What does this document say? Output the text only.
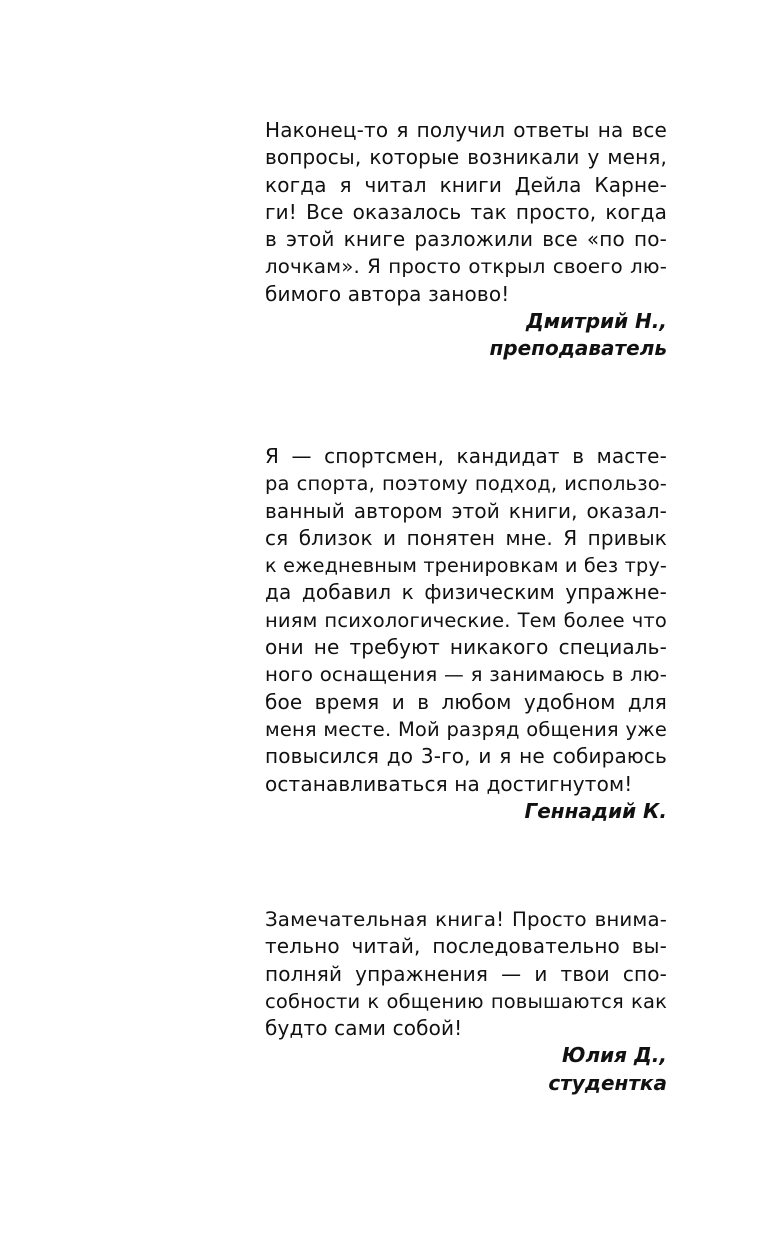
Наконец-то я получил ответы на все
вопросы, которые возникали у меня,
когда я читал книги Дейла Карне-
ги! Все оказалось так просто, когда
в этой книге разложили все «по по-
лочкам». Я просто открыл своего лю-
бимого автора заново!
Дмитрий Н.,
преподаватель
Я — спортсмен, кандидат в масте-
ра спорта, поэтому подход, использо-
ванный автором этой книги, оказал-
ся близок и понятен мне. Я привык
к ежедневным тренировкам и без тру-
да добавил к физическим упражне-
ниям психологические. Тем более что
они не требуют никакого специаль-
ного оснащения — я занимаюсь в лю-
бое время и в любом удобном для
меня месте. Мой разряд общения уже
повысился до 3-го, и я не собираюсь
останавливаться на достигнутом!
Геннадий К.
Замечательная книга! Просто внима-
тельно читай, последовательно вы-
полняй упражнения — и твои спо-
собности к общению повышаются как
будто сами собой!
Юлия Д.,
студентка
